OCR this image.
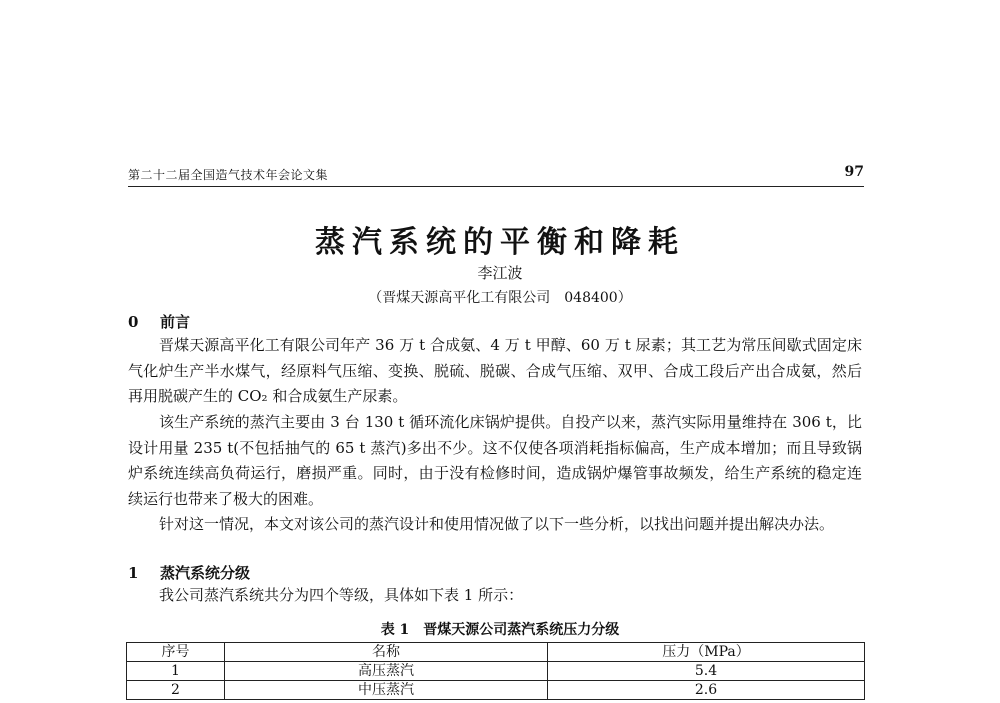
第二十二届全国造气技术年会论文集	97
蒸汽系统的平衡和降耗
李江波
（晋煤天源高平化工有限公司　048400）
0 前言

晋煤天源高平化工有限公司年产 36 万 t 合成氨、4 万 t 甲醇、60 万 t 尿素；其工艺为常压间歇式固定床气化炉生产半水煤气，经原料气压缩、变换、脱硫、脱碳、合成气压缩、双甲、合成工段后产出合成氨，然后再用脱碳产生的 CO₂ 和合成氨生产尿素。

该生产系统的蒸汽主要由 3 台 130 t 循环流化床锅炉提供。自投产以来，蒸汽实际用量维持在 306 t，比设计用量 235 t(不包括抽气的 65 t 蒸汽)多出不少。这不仅使各项消耗指标偏高，生产成本增加；而且导致锅炉系统连续高负荷运行，磨损严重。同时，由于没有检修时间，造成锅炉爆管事故频发，给生产系统的稳定连续运行也带来了极大的困难。

针对这一情况，本文对该公司的蒸汽设计和使用情况做了以下一些分析，以找出问题并提出解决办法。

1 蒸汽系统分级

我公司蒸汽系统共分为四个等级，具体如下表 1 所示：

表 1　晋煤天源公司蒸汽系统压力分级
序号	名称	压力（MPa）
1	高压蒸汽	5.4
2	中压蒸汽	2.6
